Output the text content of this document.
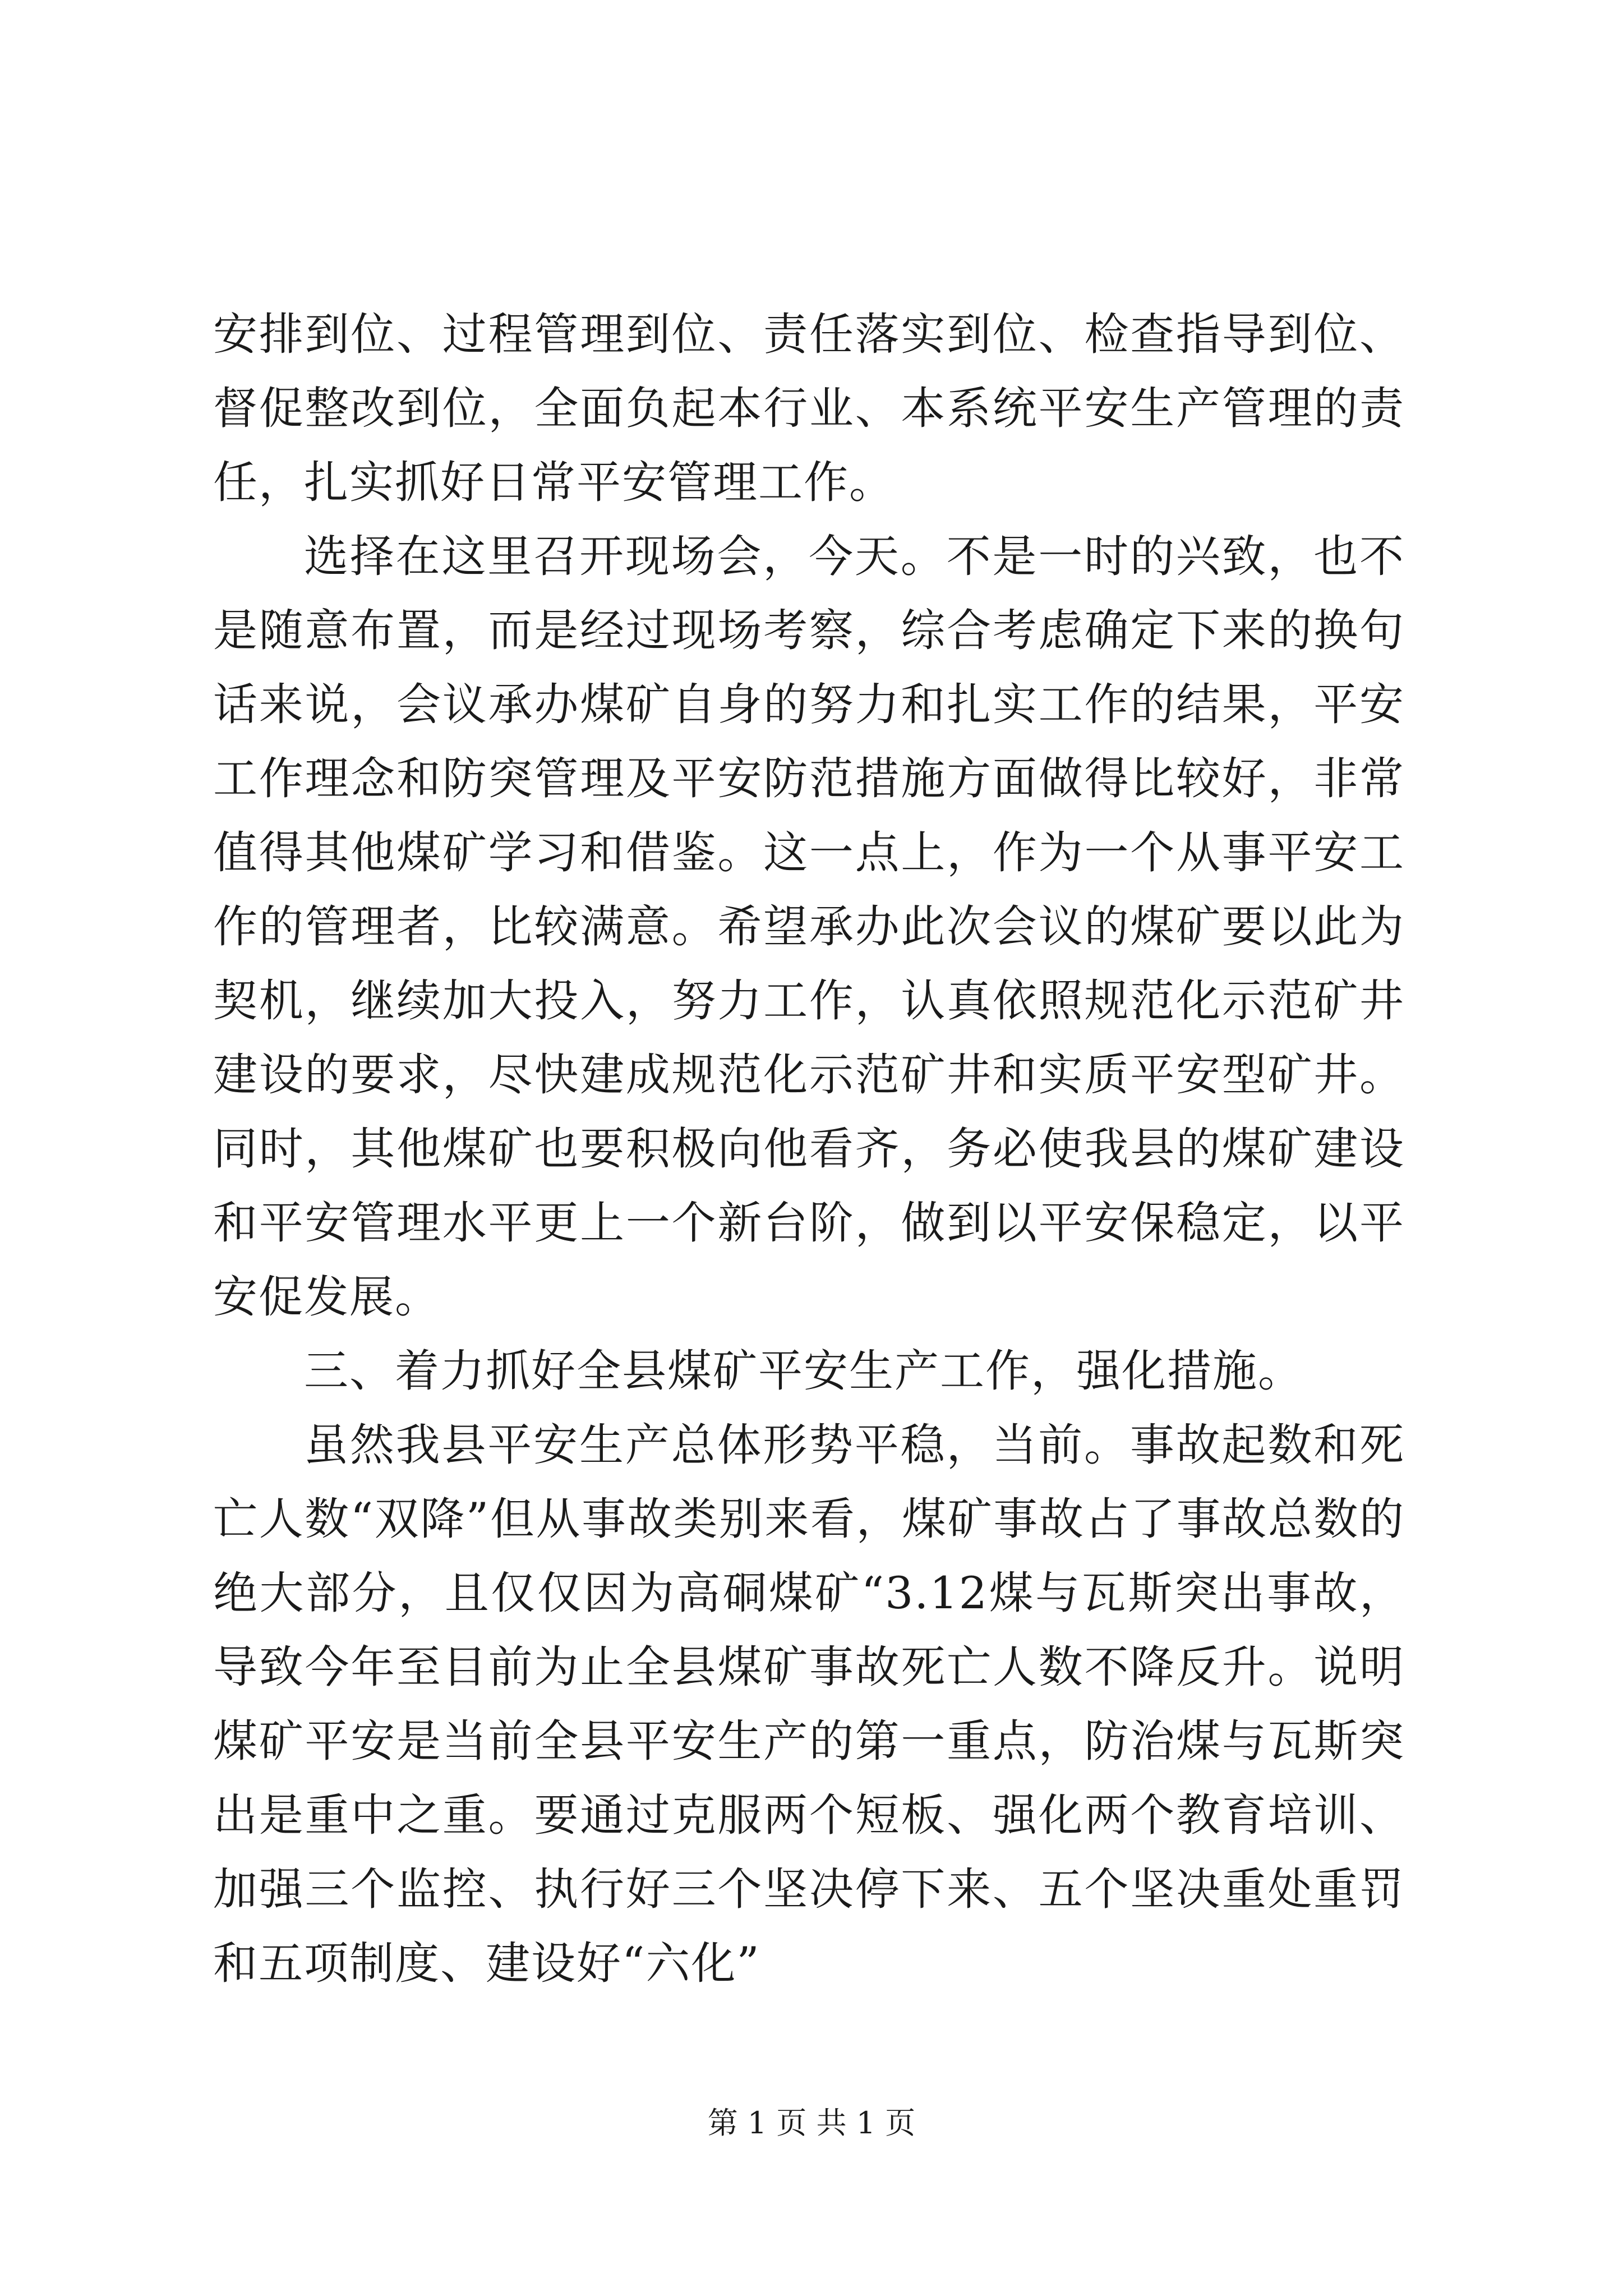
安排到位、过程管理到位、责任落实到位、检查指导到位、督促整改到位，全面负起本行业、本系统平安生产管理的责任，扎实抓好日常平安管理工作。

选择在这里召开现场会，今天。不是一时的兴致，也不是随意布置，而是经过现场考察，综合考虑确定下来的换句话来说，会议承办煤矿自身的努力和扎实工作的结果，平安工作理念和防突管理及平安防范措施方面做得比较好，非常值得其他煤矿学习和借鉴。这一点上，作为一个从事平安工作的管理者，比较满意。希望承办此次会议的煤矿要以此为契机，继续加大投入，努力工作，认真依照规范化示范矿井建设的要求，尽快建成规范化示范矿井和实质平安型矿井。同时，其他煤矿也要积极向他看齐，务必使我县的煤矿建设和平安管理水平更上一个新台阶，做到以平安保稳定，以平安促发展。

三、着力抓好全县煤矿平安生产工作，强化措施。

虽然我县平安生产总体形势平稳，当前。事故起数和死亡人数“双降”但从事故类别来看，煤矿事故占了事故总数的绝大部分，且仅仅因为高硐煤矿“3.12煤与瓦斯突出事故，导致今年至目前为止全县煤矿事故死亡人数不降反升。说明煤矿平安是当前全县平安生产的第一重点，防治煤与瓦斯突出是重中之重。要通过克服两个短板、强化两个教育培训、加强三个监控、执行好三个坚决停下来、五个坚决重处重罚和五项制度、建设好“六化”

第 1 页 共 1 页
